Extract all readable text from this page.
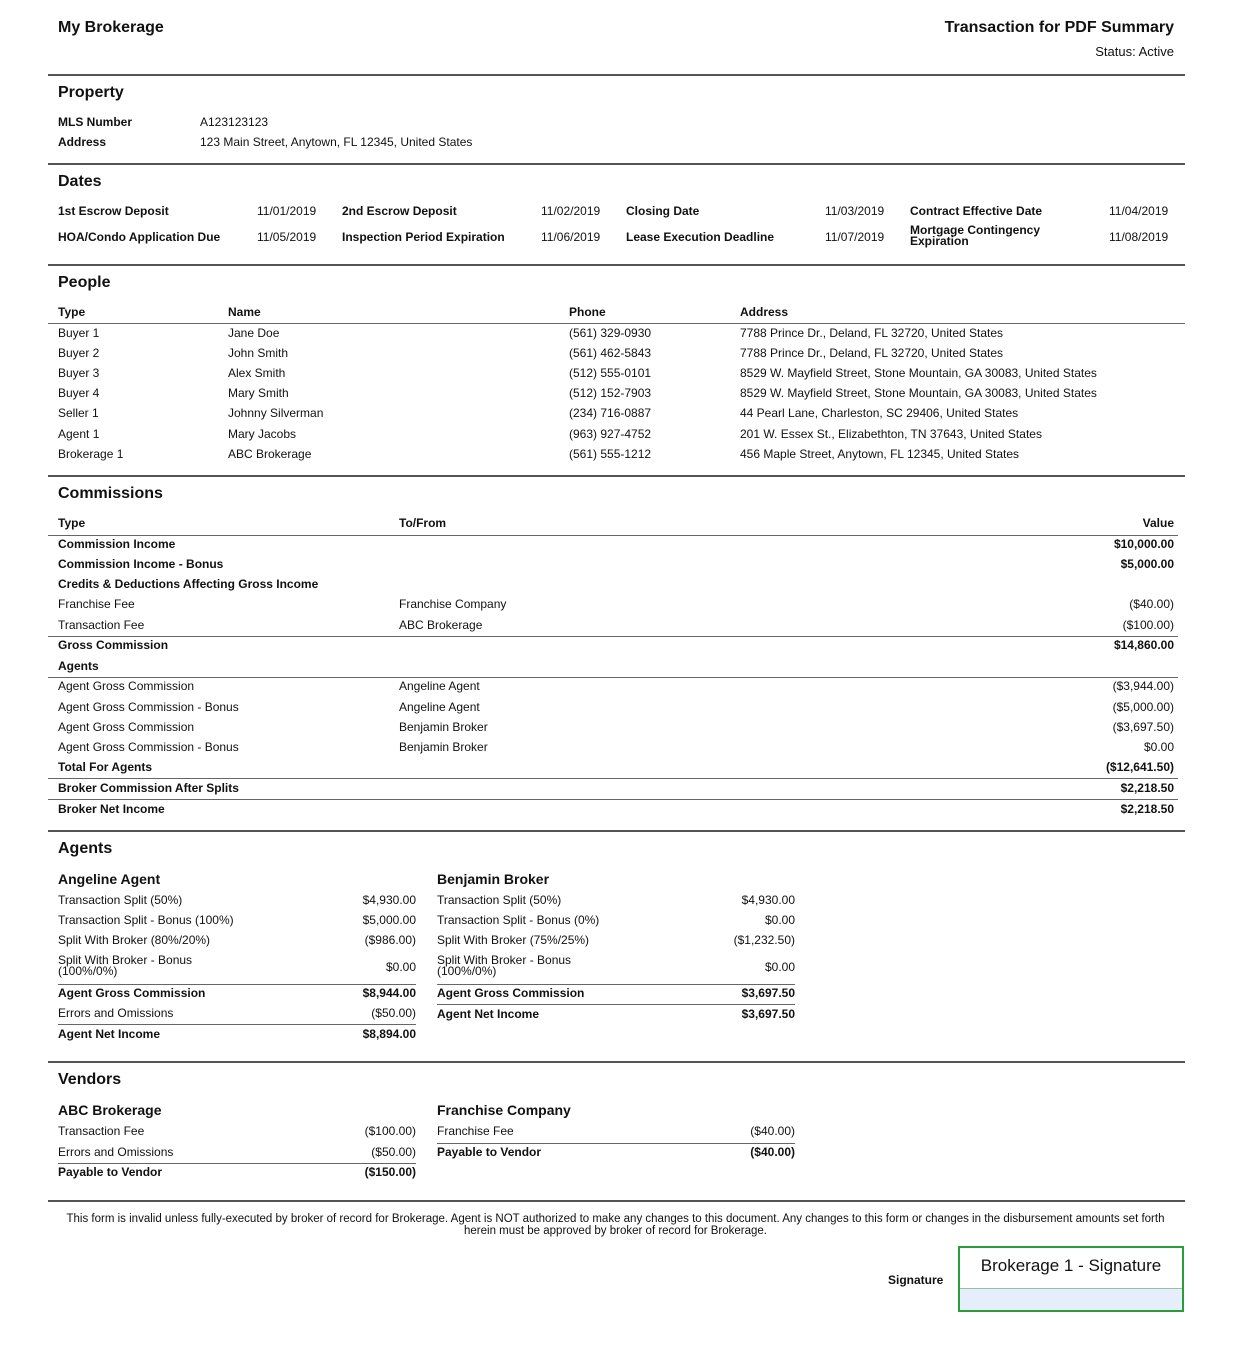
My Brokerage	Transaction for PDF Summary
Status: Active
Property
MLS Number	A123123123
Address	123 Main Street, Anytown, FL 12345, United States
Dates
1st Escrow Deposit	11/01/2019 2nd Escrow Deposit	11/02/2019 Closing Date	11/03/2019 Contract Effective Date	11/04/2019
HOA/Condo Application Due	11/05/2019 Inspection Period Expiration	11/06/2019 Lease Execution Deadline	11/07/2019 Mortgage Contingency Expiration	11/08/2019
People
Type	Name	Phone	Address
Buyer 1	Jane Doe	(561) 329-0930	7788 Prince Dr., Deland, FL 32720, United States
Buyer 2	John Smith	(561) 462-5843	7788 Prince Dr., Deland, FL 32720, United States
Buyer 3	Alex Smith	(512) 555-0101	8529 W. Mayfield Street, Stone Mountain, GA 30083, United States
Buyer 4	Mary Smith	(512) 152-7903	8529 W. Mayfield Street, Stone Mountain, GA 30083, United States
Seller 1	Johnny Silverman	(234) 716-0887	44 Pearl Lane, Charleston, SC 29406, United States
Agent 1	Mary Jacobs	(963) 927-4752	201 W. Essex St., Elizabethton, TN 37643, United States
Brokerage 1	ABC Brokerage	(561) 555-1212	456 Maple Street, Anytown, FL 12345, United States
Commissions
Type	To/From	Value
Commission Income	$10,000.00
Commission Income - Bonus	$5,000.00
Credits & Deductions Affecting Gross Income
Franchise Fee	Franchise Company	($40.00)
Transaction Fee	ABC Brokerage	($100.00)
Gross Commission	$14,860.00
Agents
Agent Gross Commission	Angeline Agent	($3,944.00)
Agent Gross Commission - Bonus	Angeline Agent	($5,000.00)
Agent Gross Commission	Benjamin Broker	($3,697.50)
Agent Gross Commission - Bonus	Benjamin Broker	$0.00
Total For Agents	($12,641.50)
Broker Commission After Splits	$2,218.50
Broker Net Income	$2,218.50
Agents
Angeline Agent
Transaction Split (50%)	$4,930.00
Transaction Split - Bonus (100%)	$5,000.00
Split With Broker (80%/20%)	($986.00)
Split With Broker - Bonus (100%/0%)	$0.00
Agent Gross Commission	$8,944.00
Errors and Omissions	($50.00)
Agent Net Income	$8,894.00
Benjamin Broker
Transaction Split (50%)	$4,930.00
Transaction Split - Bonus (0%)	$0.00
Split With Broker (75%/25%)	($1,232.50)
Split With Broker - Bonus (100%/0%)	$0.00
Agent Gross Commission	$3,697.50
Agent Net Income	$3,697.50
Vendors
ABC Brokerage
Transaction Fee	($100.00)
Errors and Omissions	($50.00)
Payable to Vendor	($150.00)
Franchise Company
Franchise Fee	($40.00)
Payable to Vendor	($40.00)
This form is invalid unless fully-executed by broker of record for Brokerage. Agent is NOT authorized to make any changes to this document. Any changes to this form or changes in the disbursement amounts set forth herein must be approved by broker of record for Brokerage.
Signature
Brokerage 1 - Signature
